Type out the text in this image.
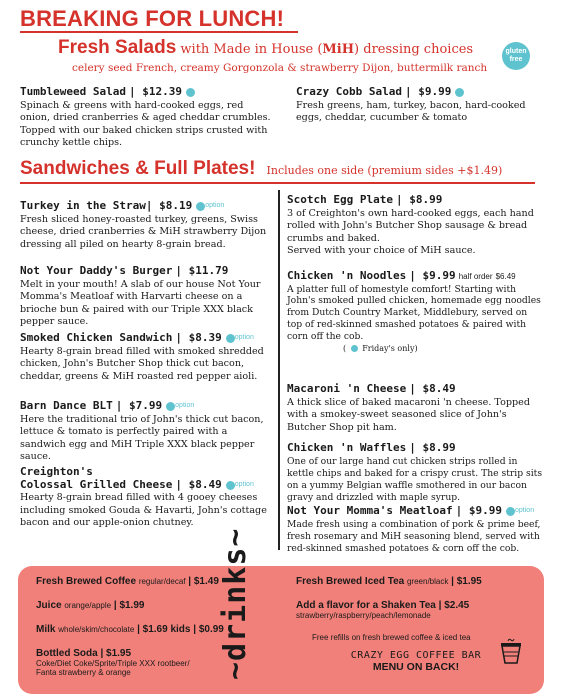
BREAKING FOR LUNCH!
Fresh Salads with Made in House (MiH) dressing choices
celery seed French, creamy Gorgonzola & strawberry Dijon, buttermilk ranch
gluten
free
Tumbleweed Salad | $12.39
Spinach & greens with hard-cooked eggs, red onion, dried cranberries & aged cheddar crumbles. Topped with our baked chicken strips crusted with crunchy kettle chips.
Crazy Cobb Salad | $9.99
Fresh greens, ham, turkey, bacon, hard-cooked eggs, cheddar, cucumber & tomato
Sandwiches & Full Plates! Includes one side (premium sides +$1.49)
Turkey in the Straw| $8.19 option
Fresh sliced honey-roasted turkey, greens, Swiss cheese, dried cranberries & MiH strawberry Dijon dressing all piled on hearty 8-grain bread.
Not Your Daddy's Burger | $11.79
Melt in your mouth! A slab of our house Not Your Momma's Meatloaf with Harvarti cheese on a brioche bun & paired with our Triple XXX black pepper sauce.
Smoked Chicken Sandwich | $8.39 option
Hearty 8-grain bread filled with smoked shredded chicken, John's Butcher Shop thick cut bacon, cheddar, greens & MiH roasted red pepper aioli.
Barn Dance BLT | $7.99 option
Here the traditional trio of John's thick cut bacon, lettuce & tomato is perfectly paired with a sandwich egg and MiH Triple XXX black pepper sauce.
Creighton's
Colossal Grilled Cheese | $8.49 option
Hearty 8-grain bread filled with 4 gooey cheeses including smoked Gouda & Havarti, John's cottage bacon and our apple-onion chutney.
Scotch Egg Plate | $8.99
3 of Creighton's own hard-cooked eggs, each hand rolled with John's Butcher Shop sausage & bread crumbs and baked.
Served with your choice of MiH sauce.
Chicken 'n Noodles | $9.99 half order $6.49
A platter full of homestyle comfort! Starting with John's smoked pulled chicken, homemade egg noodles from Dutch Country Market, Middlebury, served on top of red-skinned smashed potatoes & paired with corn off the cob.
(  Friday's only)
Macaroni 'n Cheese | $8.49
A thick slice of baked macaroni 'n cheese. Topped with a smokey-sweet seasoned slice of John's Butcher Shop pit ham.
Chicken 'n Waffles | $8.99
One of our large hand cut chicken strips rolled in kettle chips and baked for a crispy crust. The strip sits on a yummy Belgian waffle smothered in our bacon gravy and drizzled with maple syrup.
Not Your Momma's Meatloaf | $9.99 option
Made fresh using a combination of pork & prime beef, fresh rosemary and MiH seasoning blend, served with red-skinned smashed potatoes & corn off the cob.
~drinks~
Fresh Brewed Coffee regular/decaf | $1.49
Juice orange/apple | $1.99
Milk whole/skim/chocolate | $1.69 kids | $0.99
Bottled Soda | $1.95
Coke/Diet Coke/Sprite/Triple XXX rootbeer/
Fanta strawberry & orange
Fresh Brewed Iced Tea green/black | $1.95
Add a flavor for a Shaken Tea | $2.45
strawberry/raspberry/peach/lemonade
Free refills on fresh brewed coffee & iced tea
CRAZY EGG COFFEE BAR
MENU ON BACK!
